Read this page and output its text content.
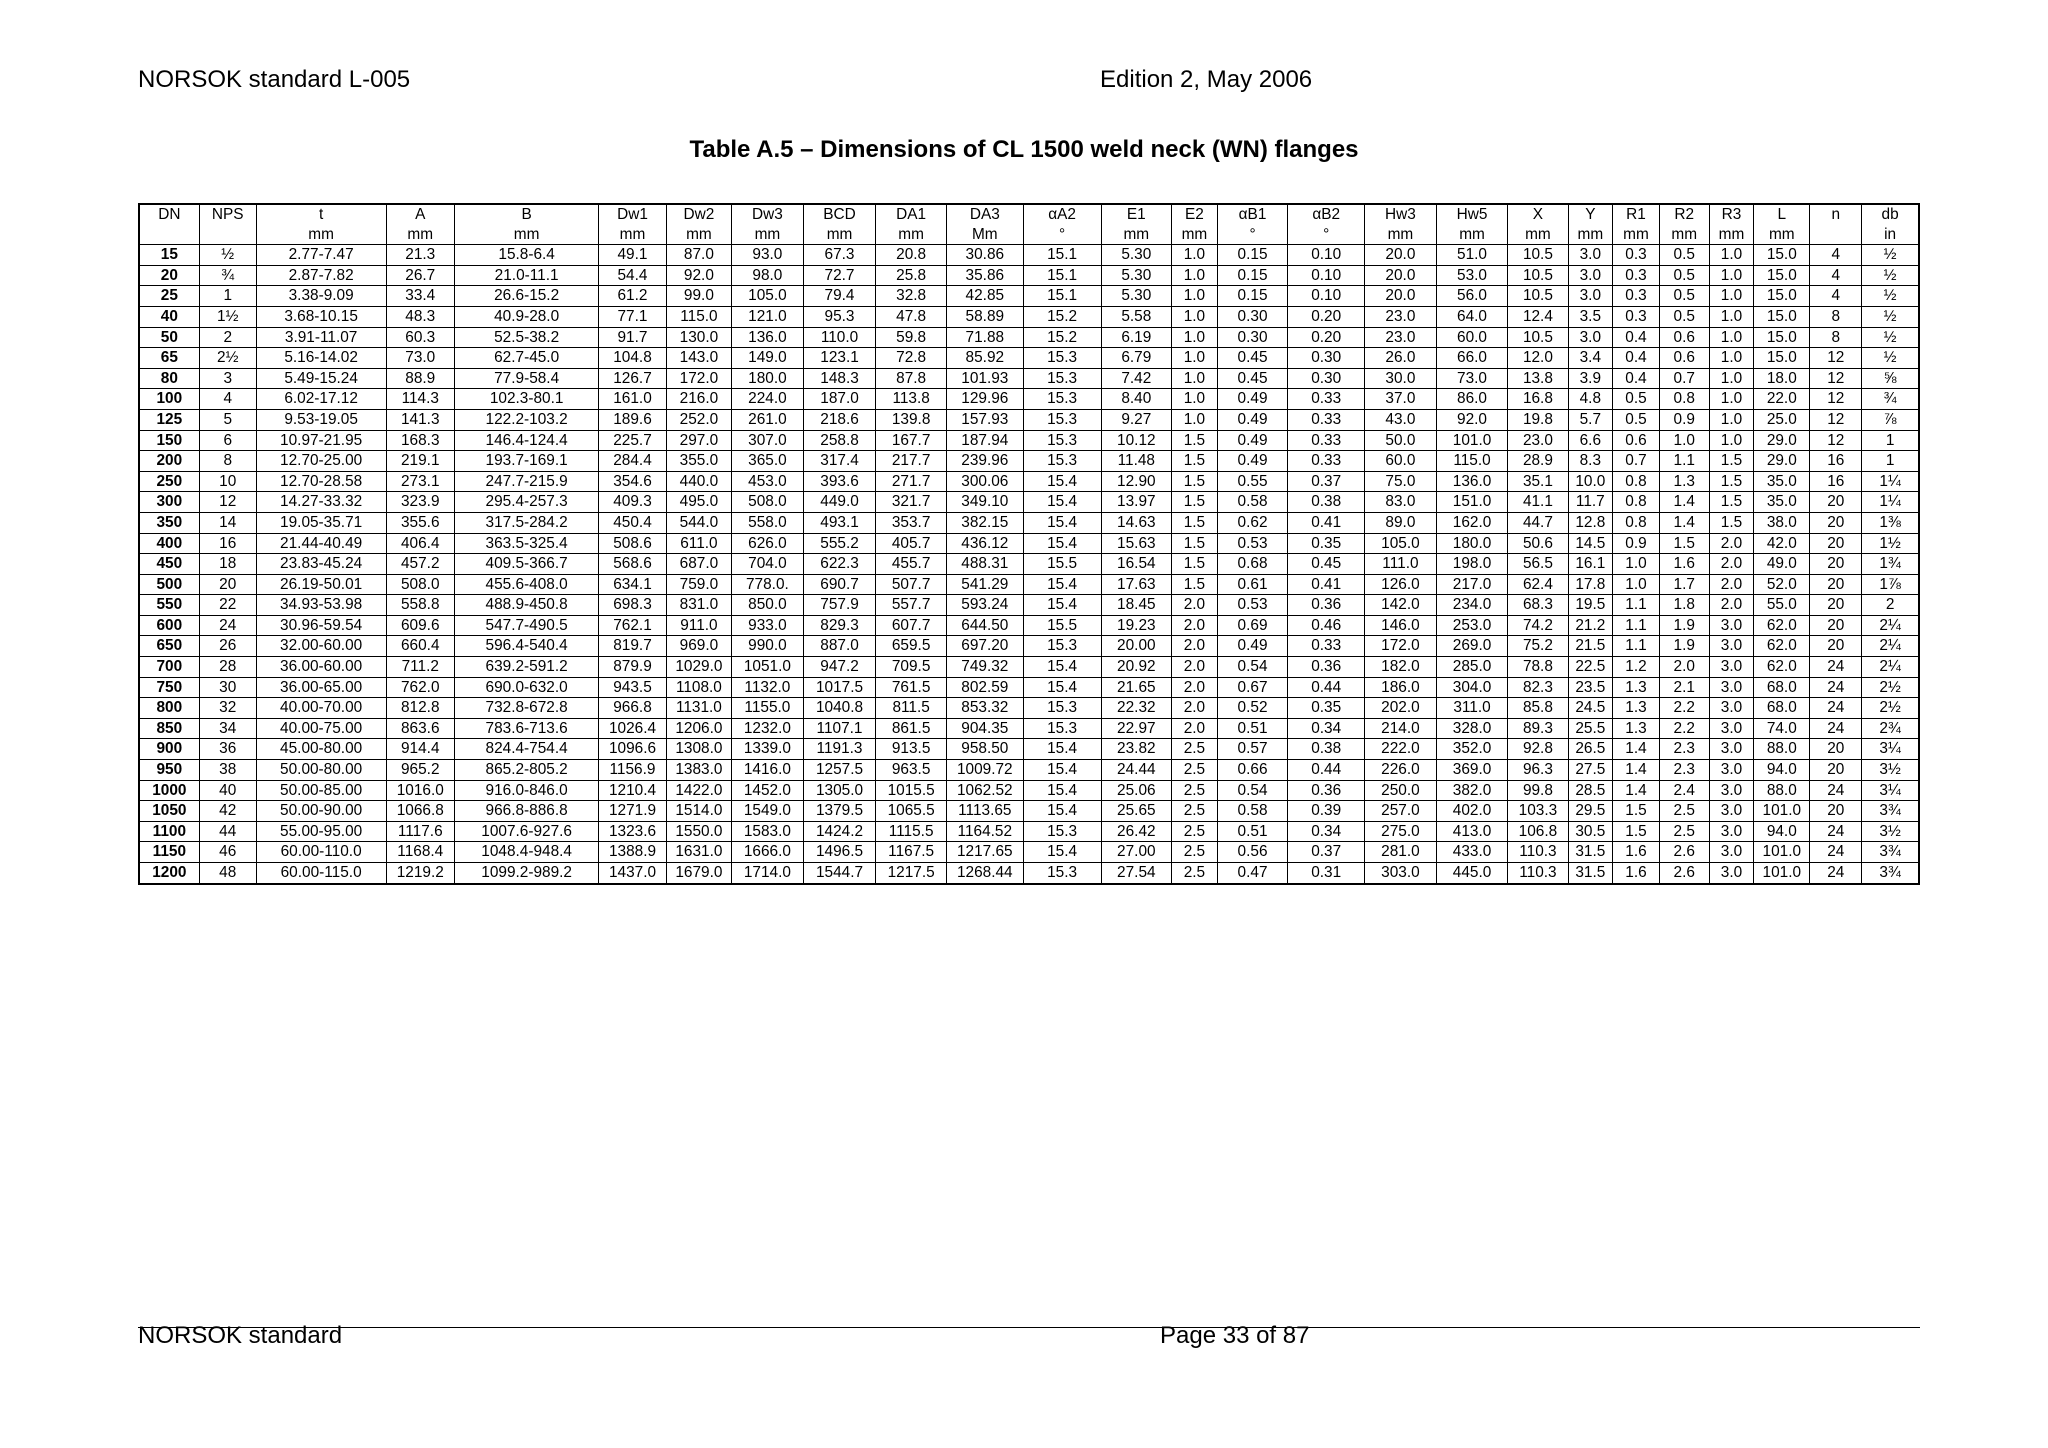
NORSOK standard L-005	Edition 2, May 2006
Table A.5 – Dimensions of CL 1500 weld neck (WN) flanges
DN	NPS	t	A	B	Dw1	Dw2	Dw3	BCD	DA1	DA3	αA2	E1	E2	αB1	αB2	Hw3	Hw5	X	Y	R1	R2	R3	L	n	db
		mm	mm	mm	mm	mm	mm	mm	mm	Mm	°	mm	mm	°	°	mm	mm	mm	mm	mm	mm	mm	mm		in
15	½	2.77-7.47	21.3	15.8-6.4	49.1	87.0	93.0	67.3	20.8	30.86	15.1	5.30	1.0	0.15	0.10	20.0	51.0	10.5	3.0	0.3	0.5	1.0	15.0	4	½
20	¾	2.87-7.82	26.7	21.0-11.1	54.4	92.0	98.0	72.7	25.8	35.86	15.1	5.30	1.0	0.15	0.10	20.0	53.0	10.5	3.0	0.3	0.5	1.0	15.0	4	½
25	1	3.38-9.09	33.4	26.6-15.2	61.2	99.0	105.0	79.4	32.8	42.85	15.1	5.30	1.0	0.15	0.10	20.0	56.0	10.5	3.0	0.3	0.5	1.0	15.0	4	½
40	1½	3.68-10.15	48.3	40.9-28.0	77.1	115.0	121.0	95.3	47.8	58.89	15.2	5.58	1.0	0.30	0.20	23.0	64.0	12.4	3.5	0.3	0.5	1.0	15.0	8	½
50	2	3.91-11.07	60.3	52.5-38.2	91.7	130.0	136.0	110.0	59.8	71.88	15.2	6.19	1.0	0.30	0.20	23.0	60.0	10.5	3.0	0.4	0.6	1.0	15.0	8	½
65	2½	5.16-14.02	73.0	62.7-45.0	104.8	143.0	149.0	123.1	72.8	85.92	15.3	6.79	1.0	0.45	0.30	26.0	66.0	12.0	3.4	0.4	0.6	1.0	15.0	12	½
80	3	5.49-15.24	88.9	77.9-58.4	126.7	172.0	180.0	148.3	87.8	101.93	15.3	7.42	1.0	0.45	0.30	30.0	73.0	13.8	3.9	0.4	0.7	1.0	18.0	12	⅝
100	4	6.02-17.12	114.3	102.3-80.1	161.0	216.0	224.0	187.0	113.8	129.96	15.3	8.40	1.0	0.49	0.33	37.0	86.0	16.8	4.8	0.5	0.8	1.0	22.0	12	¾
125	5	9.53-19.05	141.3	122.2-103.2	189.6	252.0	261.0	218.6	139.8	157.93	15.3	9.27	1.0	0.49	0.33	43.0	92.0	19.8	5.7	0.5	0.9	1.0	25.0	12	⅞
150	6	10.97-21.95	168.3	146.4-124.4	225.7	297.0	307.0	258.8	167.7	187.94	15.3	10.12	1.5	0.49	0.33	50.0	101.0	23.0	6.6	0.6	1.0	1.0	29.0	12	1
200	8	12.70-25.00	219.1	193.7-169.1	284.4	355.0	365.0	317.4	217.7	239.96	15.3	11.48	1.5	0.49	0.33	60.0	115.0	28.9	8.3	0.7	1.1	1.5	29.0	16	1
250	10	12.70-28.58	273.1	247.7-215.9	354.6	440.0	453.0	393.6	271.7	300.06	15.4	12.90	1.5	0.55	0.37	75.0	136.0	35.1	10.0	0.8	1.3	1.5	35.0	16	1¼
300	12	14.27-33.32	323.9	295.4-257.3	409.3	495.0	508.0	449.0	321.7	349.10	15.4	13.97	1.5	0.58	0.38	83.0	151.0	41.1	11.7	0.8	1.4	1.5	35.0	20	1¼
350	14	19.05-35.71	355.6	317.5-284.2	450.4	544.0	558.0	493.1	353.7	382.15	15.4	14.63	1.5	0.62	0.41	89.0	162.0	44.7	12.8	0.8	1.4	1.5	38.0	20	1⅜
400	16	21.44-40.49	406.4	363.5-325.4	508.6	611.0	626.0	555.2	405.7	436.12	15.4	15.63	1.5	0.53	0.35	105.0	180.0	50.6	14.5	0.9	1.5	2.0	42.0	20	1½
450	18	23.83-45.24	457.2	409.5-366.7	568.6	687.0	704.0	622.3	455.7	488.31	15.5	16.54	1.5	0.68	0.45	111.0	198.0	56.5	16.1	1.0	1.6	2.0	49.0	20	1¾
500	20	26.19-50.01	508.0	455.6-408.0	634.1	759.0	778.0.	690.7	507.7	541.29	15.4	17.63	1.5	0.61	0.41	126.0	217.0	62.4	17.8	1.0	1.7	2.0	52.0	20	1⅞
550	22	34.93-53.98	558.8	488.9-450.8	698.3	831.0	850.0	757.9	557.7	593.24	15.4	18.45	2.0	0.53	0.36	142.0	234.0	68.3	19.5	1.1	1.8	2.0	55.0	20	2
600	24	30.96-59.54	609.6	547.7-490.5	762.1	911.0	933.0	829.3	607.7	644.50	15.5	19.23	2.0	0.69	0.46	146.0	253.0	74.2	21.2	1.1	1.9	3.0	62.0	20	2¼
650	26	32.00-60.00	660.4	596.4-540.4	819.7	969.0	990.0	887.0	659.5	697.20	15.3	20.00	2.0	0.49	0.33	172.0	269.0	75.2	21.5	1.1	1.9	3.0	62.0	20	2¼
700	28	36.00-60.00	711.2	639.2-591.2	879.9	1029.0	1051.0	947.2	709.5	749.32	15.4	20.92	2.0	0.54	0.36	182.0	285.0	78.8	22.5	1.2	2.0	3.0	62.0	24	2¼
750	30	36.00-65.00	762.0	690.0-632.0	943.5	1108.0	1132.0	1017.5	761.5	802.59	15.4	21.65	2.0	0.67	0.44	186.0	304.0	82.3	23.5	1.3	2.1	3.0	68.0	24	2½
800	32	40.00-70.00	812.8	732.8-672.8	966.8	1131.0	1155.0	1040.8	811.5	853.32	15.3	22.32	2.0	0.52	0.35	202.0	311.0	85.8	24.5	1.3	2.2	3.0	68.0	24	2½
850	34	40.00-75.00	863.6	783.6-713.6	1026.4	1206.0	1232.0	1107.1	861.5	904.35	15.3	22.97	2.0	0.51	0.34	214.0	328.0	89.3	25.5	1.3	2.2	3.0	74.0	24	2¾
900	36	45.00-80.00	914.4	824.4-754.4	1096.6	1308.0	1339.0	1191.3	913.5	958.50	15.4	23.82	2.5	0.57	0.38	222.0	352.0	92.8	26.5	1.4	2.3	3.0	88.0	20	3¼
950	38	50.00-80.00	965.2	865.2-805.2	1156.9	1383.0	1416.0	1257.5	963.5	1009.72	15.4	24.44	2.5	0.66	0.44	226.0	369.0	96.3	27.5	1.4	2.3	3.0	94.0	20	3½
1000	40	50.00-85.00	1016.0	916.0-846.0	1210.4	1422.0	1452.0	1305.0	1015.5	1062.52	15.4	25.06	2.5	0.54	0.36	250.0	382.0	99.8	28.5	1.4	2.4	3.0	88.0	24	3¼
1050	42	50.00-90.00	1066.8	966.8-886.8	1271.9	1514.0	1549.0	1379.5	1065.5	1113.65	15.4	25.65	2.5	0.58	0.39	257.0	402.0	103.3	29.5	1.5	2.5	3.0	101.0	20	3¾
1100	44	55.00-95.00	1117.6	1007.6-927.6	1323.6	1550.0	1583.0	1424.2	1115.5	1164.52	15.3	26.42	2.5	0.51	0.34	275.0	413.0	106.8	30.5	1.5	2.5	3.0	94.0	24	3½
1150	46	60.00-110.0	1168.4	1048.4-948.4	1388.9	1631.0	1666.0	1496.5	1167.5	1217.65	15.4	27.00	2.5	0.56	0.37	281.0	433.0	110.3	31.5	1.6	2.6	3.0	101.0	24	3¾
1200	48	60.00-115.0	1219.2	1099.2-989.2	1437.0	1679.0	1714.0	1544.7	1217.5	1268.44	15.3	27.54	2.5	0.47	0.31	303.0	445.0	110.3	31.5	1.6	2.6	3.0	101.0	24	3¾
NORSOK standard	Page 33 of 87
